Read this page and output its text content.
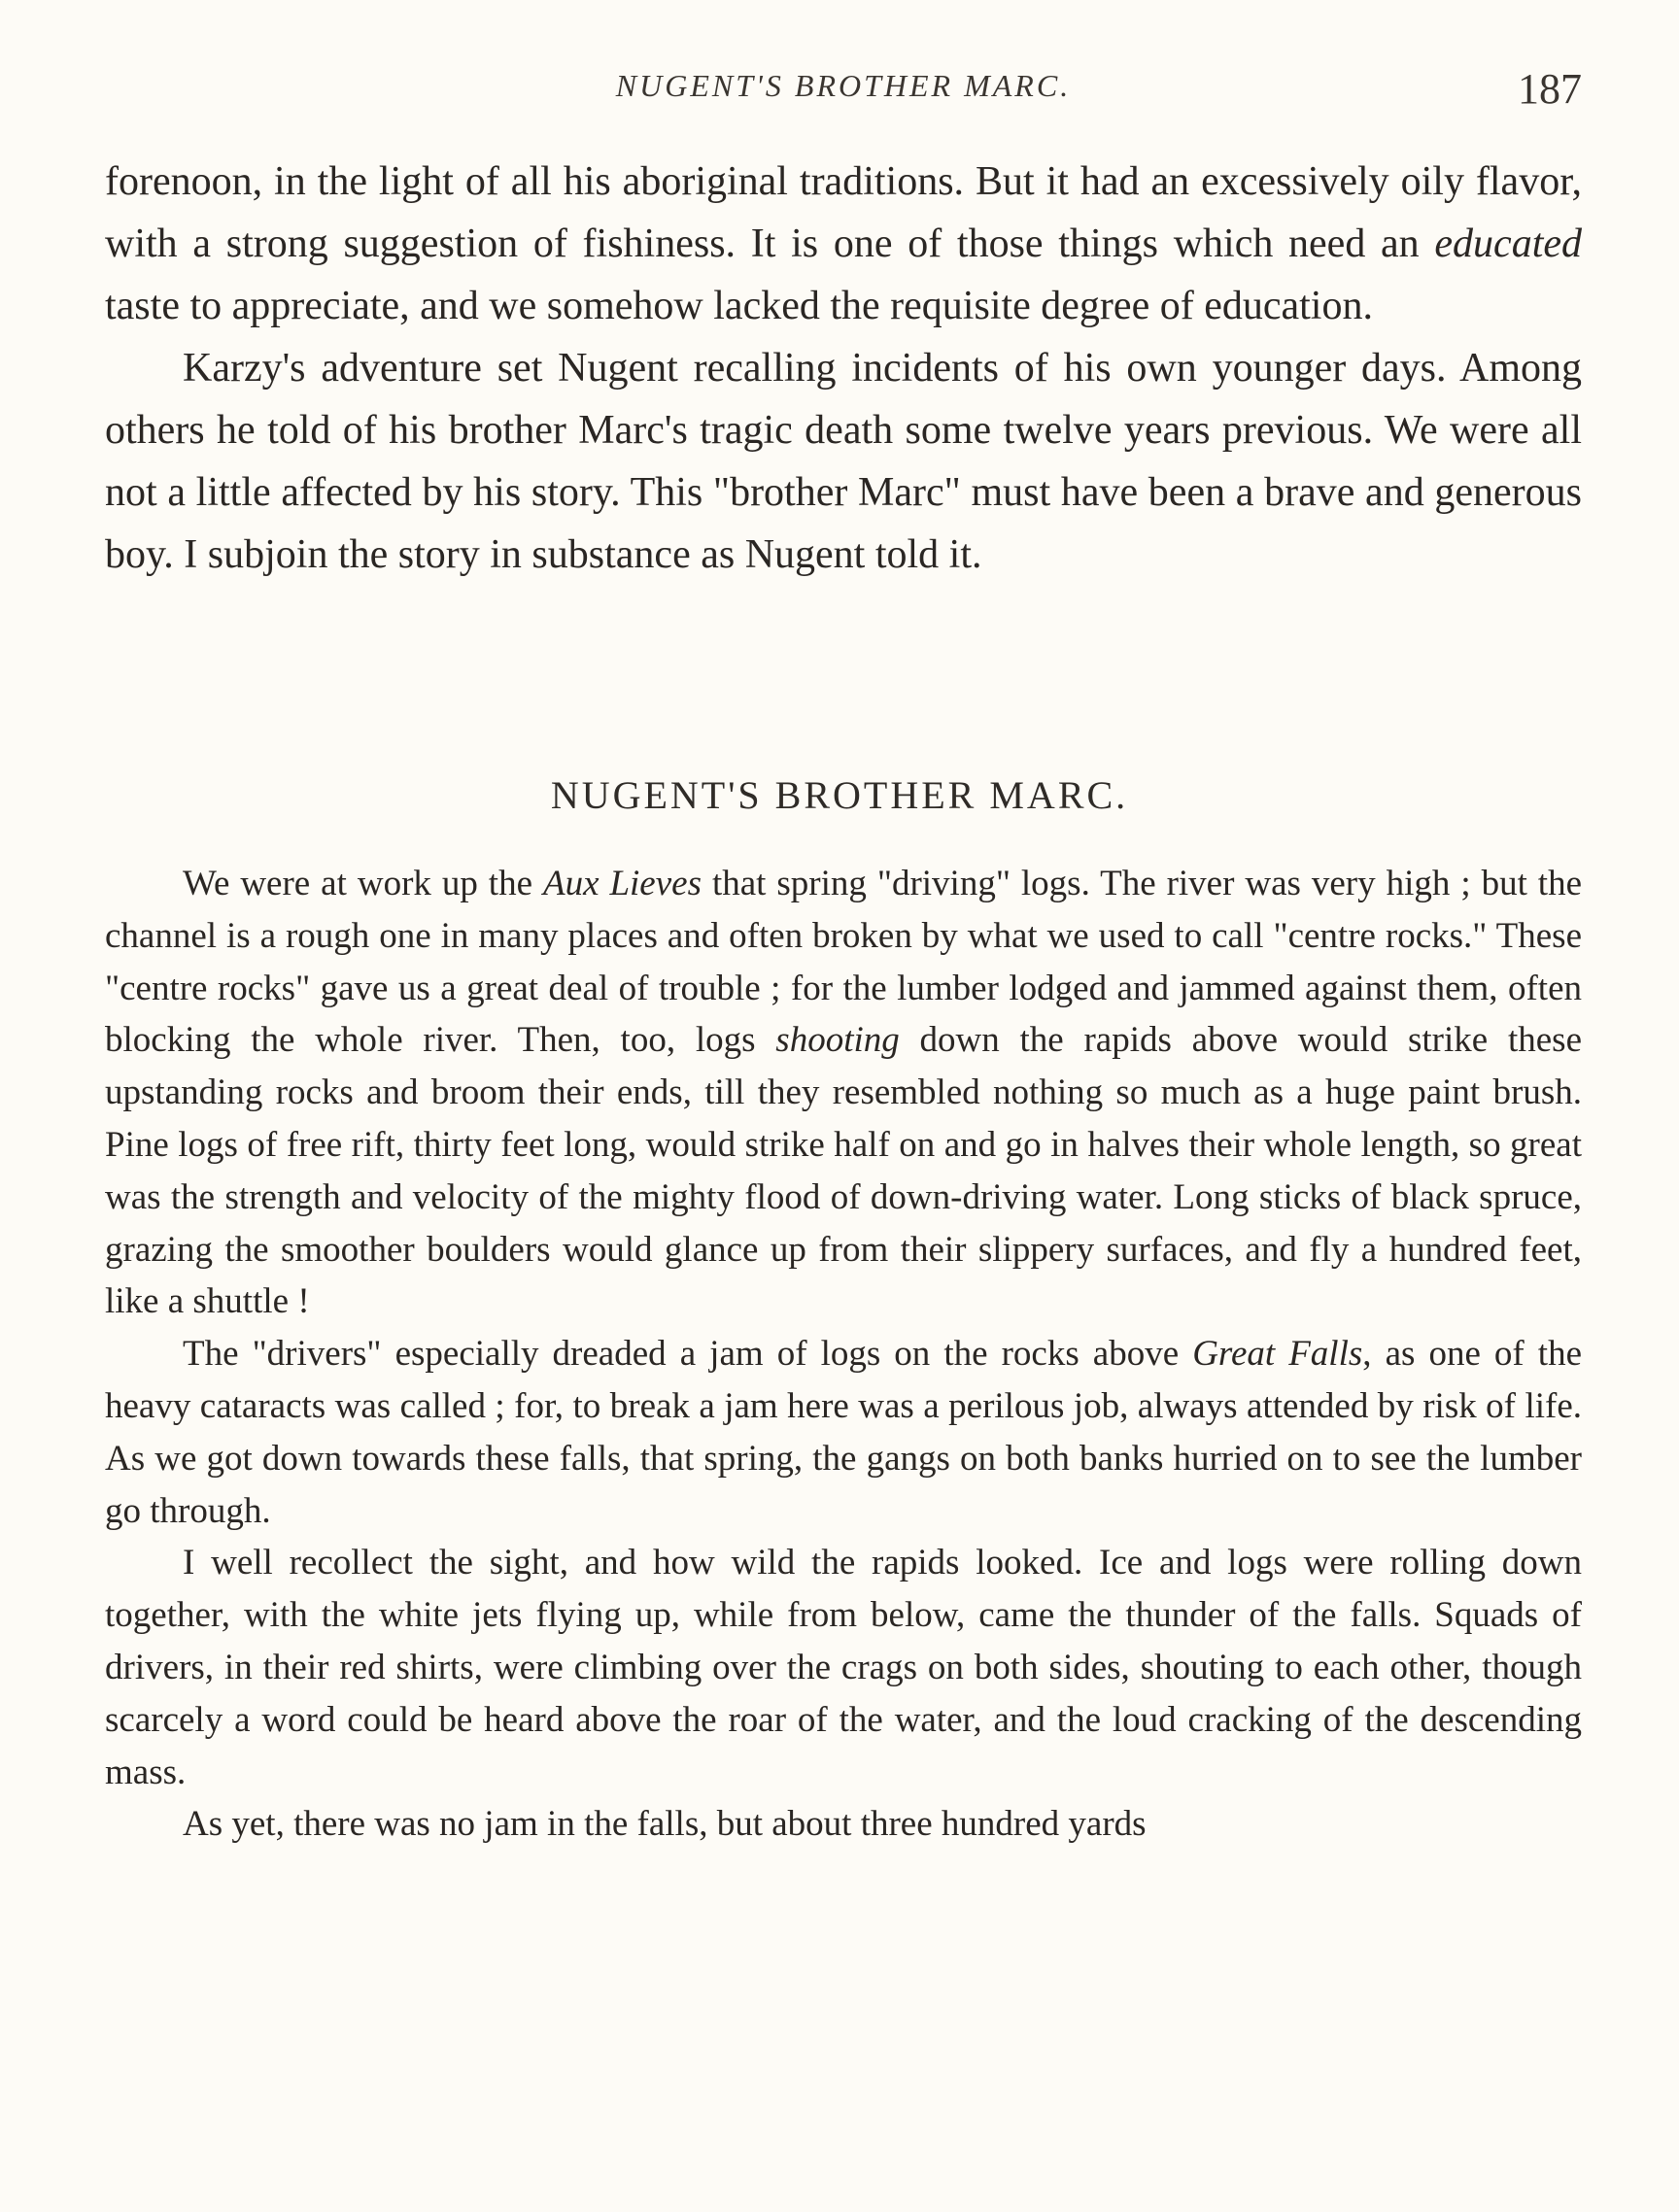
NUGENT'S BROTHER MARC.	187

forenoon, in the light of all his aboriginal traditions. But it had an excessively oily flavor, with a strong suggestion of fishiness. It is one of those things which need an educated taste to appreciate, and we somehow lacked the requisite degree of education.

Karzy's adventure set Nugent recalling incidents of his own younger days. Among others he told of his brother Marc's tragic death some twelve years previous. We were all not a little affected by his story. This "brother Marc" must have been a brave and generous boy. I subjoin the story in substance as Nugent told it.

NUGENT'S BROTHER MARC.

We were at work up the Aux Lieves that spring "driving" logs. The river was very high ; but the channel is a rough one in many places and often broken by what we used to call "centre rocks." These "centre rocks" gave us a great deal of trouble ; for the lumber lodged and jammed against them, often blocking the whole river. Then, too, logs shooting down the rapids above would strike these upstanding rocks and broom their ends, till they resembled nothing so much as a huge paint brush. Pine logs of free rift, thirty feet long, would strike half on and go in halves their whole length, so great was the strength and velocity of the mighty flood of down-driving water. Long sticks of black spruce, grazing the smoother boulders would glance up from their slippery surfaces, and fly a hundred feet, like a shuttle !

The "drivers" especially dreaded a jam of logs on the rocks above Great Falls, as one of the heavy cataracts was called ; for, to break a jam here was a perilous job, always attended by risk of life. As we got down towards these falls, that spring, the gangs on both banks hurried on to see the lumber go through.

I well recollect the sight, and how wild the rapids looked. Ice and logs were rolling down together, with the white jets flying up, while from below, came the thunder of the falls. Squads of drivers, in their red shirts, were climbing over the crags on both sides, shouting to each other, though scarcely a word could be heard above the roar of the water, and the loud cracking of the descending mass.

As yet, there was no jam in the falls, but about three hundred yards
